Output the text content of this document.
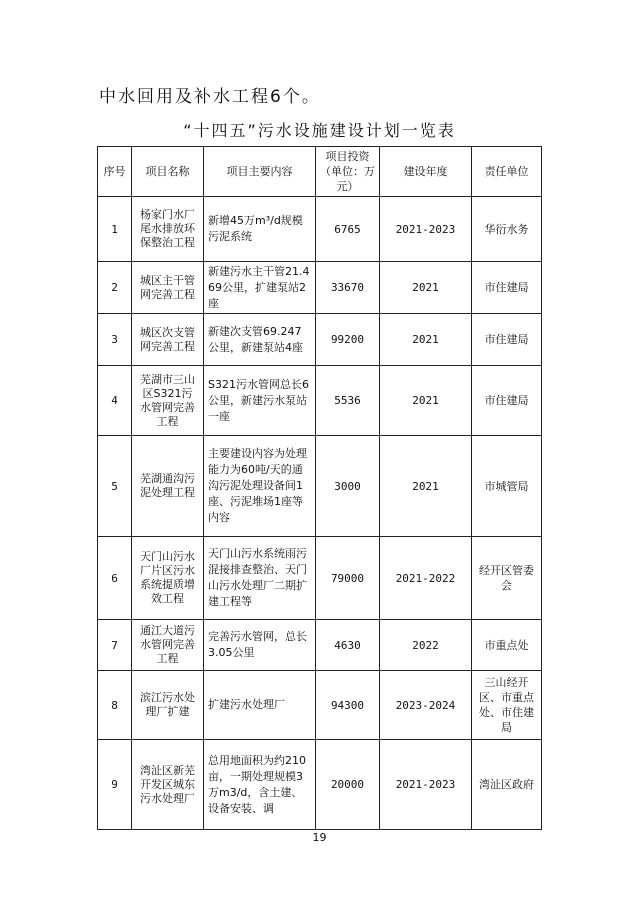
中水回用及补水工程6个。
“十四五”污水设施建设计划一览表
序号	项目名称	项目主要内容	项目投资（单位：万元）	建设年度	责任单位
1	杨家门水厂尾水排放环保整治工程	新增45万m³/d规模污泥系统	6765	2021-2023	华衍水务
2	城区主干管网完善工程	新建污水主干管21.469公里，扩建泵站2座	33670	2021	市住建局
3	城区次支管网完善工程	新建次支管69.247公里，新建泵站4座	99200	2021	市住建局
4	芜湖市三山区S321污水管网完善工程	S321污水管网总长6公里，新建污水泵站一座	5536	2021	市住建局
5	芜湖通沟污泥处理工程	主要建设内容为处理能力为60吨/天的通沟污泥处理设备间1座、污泥堆场1座等内容	3000	2021	市城管局
6	天门山污水厂片区污水系统提质增效工程	天门山污水系统雨污混接排查整治、天门山污水处理厂二期扩建工程等	79000	2021-2022	经开区管委会
7	通江大道污水管网完善工程	完善污水管网，总长3.05公里	4630	2022	市重点处
8	滨江污水处理厂扩建	扩建污水处理厂	94300	2023-2024	三山经开区、市重点处、市住建局
9	湾沚区新芜开发区城东污水处理厂	总用地面积为约210亩，一期处理规模3万m3/d，含土建、设备安装、调	20000	2021-2023	湾沚区政府
19
